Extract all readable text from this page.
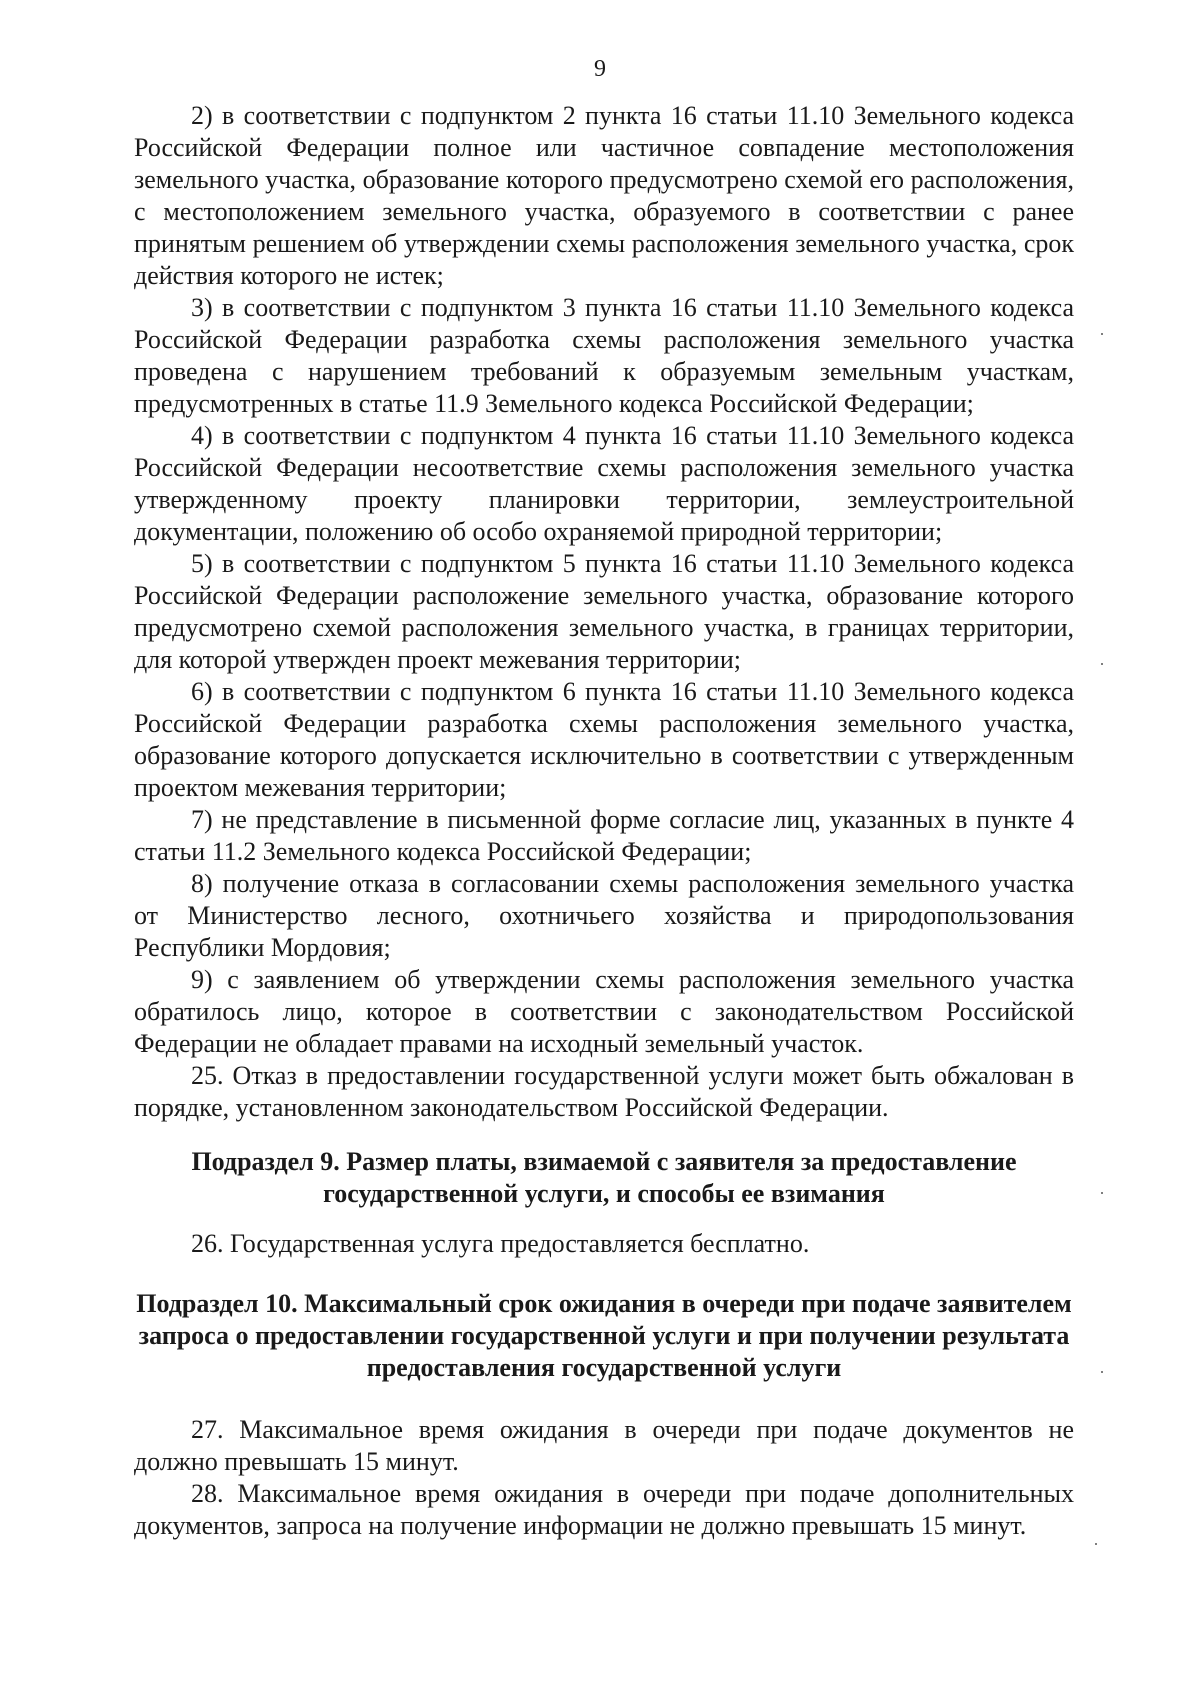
9

2) в соответствии с подпунктом 2 пункта 16 статьи 11.10 Земельного кодекса Российской Федерации полное или частичное совпадение местоположения земельного участка, образование которого предусмотрено схемой его расположения, с местоположением земельного участка, образуемого в соответствии с ранее принятым решением об утверждении схемы расположения земельного участка, срок действия которого не истек;

3) в соответствии с подпунктом 3 пункта 16 статьи 11.10 Земельного кодекса Российской Федерации разработка схемы расположения земельного участка проведена с нарушением требований к образуемым земельным участкам, предусмотренных в статье 11.9 Земельного кодекса Российской Федерации;

4) в соответствии с подпунктом 4 пункта 16 статьи 11.10 Земельного кодекса Российской Федерации несоответствие схемы расположения земельного участка утвержденному проекту планировки территории, землеустроительной документации, положению об особо охраняемой природной территории;

5) в соответствии с подпунктом 5 пункта 16 статьи 11.10 Земельного кодекса Российской Федерации расположение земельного участка, образование которого предусмотрено схемой расположения земельного участка, в границах территории, для которой утвержден проект межевания территории;

6) в соответствии с подпунктом 6 пункта 16 статьи 11.10 Земельного кодекса Российской Федерации разработка схемы расположения земельного участка, образование которого допускается исключительно в соответствии с утвержденным проектом межевания территории;

7) не представление в письменной форме согласие лиц, указанных в пункте 4 статьи 11.2 Земельного кодекса Российской Федерации;

8) получение отказа в согласовании схемы расположения земельного участка от Министерство лесного, охотничьего хозяйства и природопользования Республики Мордовия;

9) с заявлением об утверждении схемы расположения земельного участка обратилось лицо, которое в соответствии с законодательством Российской Федерации не обладает правами на исходный земельный участок.

25. Отказ в предоставлении государственной услуги может быть обжалован в порядке, установленном законодательством Российской Федерации.

Подраздел 9. Размер платы, взимаемой с заявителя за предоставление государственной услуги, и способы ее взимания

26. Государственная услуга предоставляется бесплатно.

Подраздел 10. Максимальный срок ожидания в очереди при подаче заявителем запроса о предоставлении государственной услуги и при получении результата предоставления государственной услуги

27. Максимальное время ожидания в очереди при подаче документов не должно превышать 15 минут.

28. Максимальное время ожидания в очереди при подаче дополнительных документов, запроса на получение информации не должно превышать 15 минут.
